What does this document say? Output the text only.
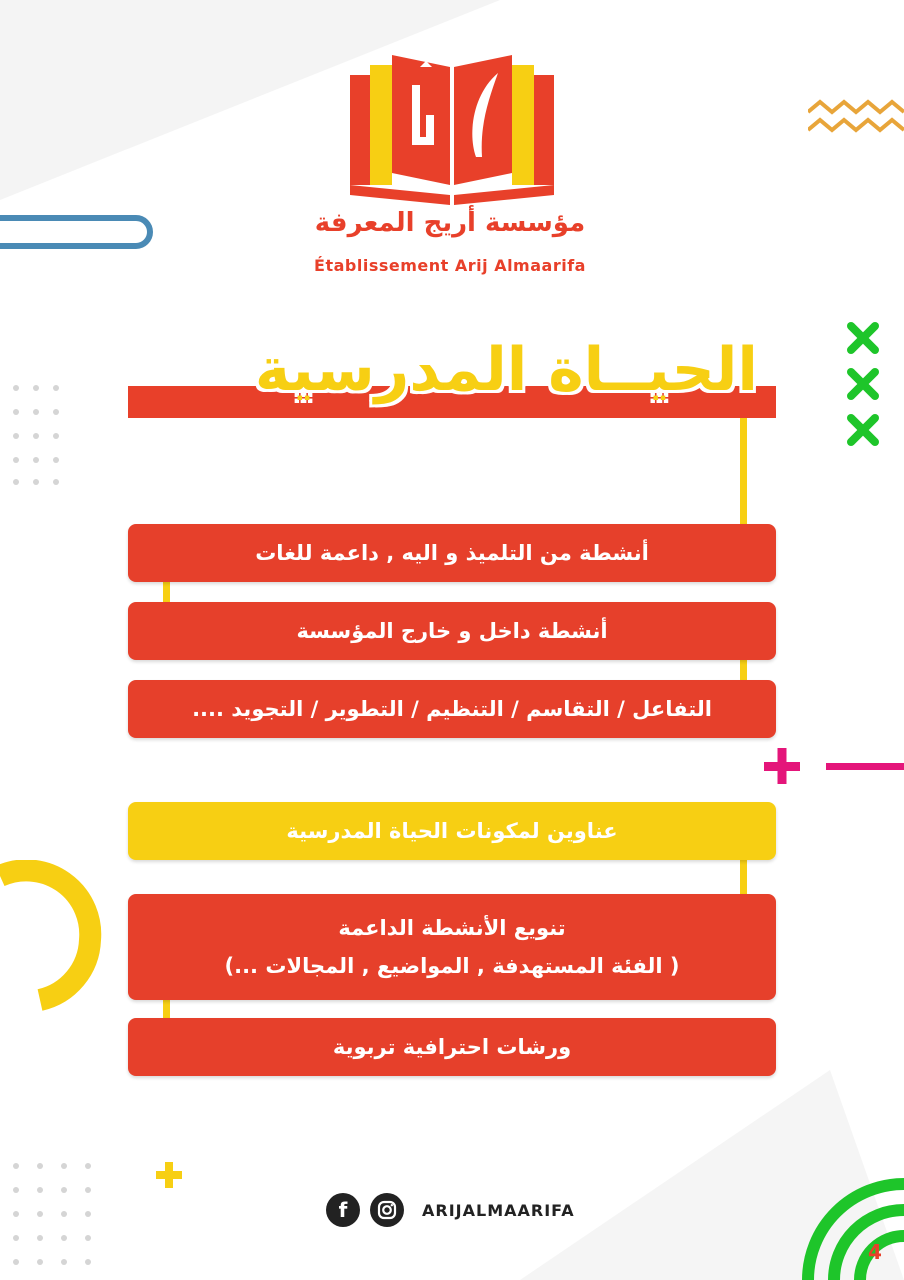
مؤسسة أريج المعرفة
Établissement Arij Almaarifa
الحيــاة المدرسية
أنشطة من التلميذ و اليه , داعمة للغات
أنشطة داخل و خارج المؤسسة
التفاعل / التقاسم / التنظيم / التطوير / التجويد ....
عناوين لمكونات الحياة المدرسية
تنويع الأنشطة الداعمة
( الفئة المستهدفة , المواضيع , المجالات ...)
ورشات احترافية تربوية
f	ARIJALMAARIFA
4
